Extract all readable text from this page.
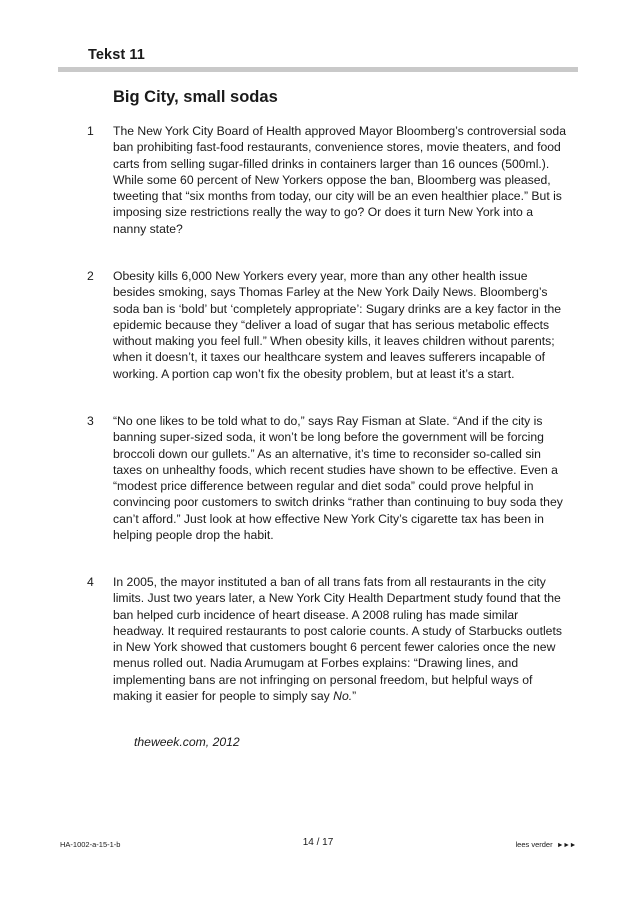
Tekst 11
Big City, small sodas
1 The New York City Board of Health approved Mayor Bloomberg’s controversial soda ban prohibiting fast-food restaurants, convenience stores, movie theaters, and food carts from selling sugar-filled drinks in containers larger than 16 ounces (500ml.). While some 60 percent of New Yorkers oppose the ban, Bloomberg was pleased, tweeting that “six months from today, our city will be an even healthier place.” But is imposing size restrictions really the way to go? Or does it turn New York into a nanny state?
2 Obesity kills 6,000 New Yorkers every year, more than any other health issue besides smoking, says Thomas Farley at the New York Daily News. Bloomberg’s soda ban is ‘bold’ but ‘completely appropriate’: Sugary drinks are a key factor in the epidemic because they “deliver a load of sugar that has serious metabolic effects without making you feel full.” When obesity kills, it leaves children without parents; when it doesn’t, it taxes our healthcare system and leaves sufferers incapable of working. A portion cap won’t fix the obesity problem, but at least it’s a start.
3 “No one likes to be told what to do,” says Ray Fisman at Slate. “And if the city is banning super-sized soda, it won’t be long before the government will be forcing broccoli down our gullets.” As an alternative, it’s time to reconsider so-called sin taxes on unhealthy foods, which recent studies have shown to be effective. Even a “modest price difference between regular and diet soda” could prove helpful in convincing poor customers to switch drinks “rather than continuing to buy soda they can’t afford.” Just look at how effective New York City’s cigarette tax has been in helping people drop the habit.
4 In 2005, the mayor instituted a ban of all trans fats from all restaurants in the city limits. Just two years later, a New York City Health Department study found that the ban helped curb incidence of heart disease. A 2008 ruling has made similar headway. It required restaurants to post calorie counts. A study of Starbucks outlets in New York showed that customers bought 6 percent fewer calories once the new menus rolled out. Nadia Arumugam at Forbes explains: “Drawing lines, and implementing bans are not infringing on personal freedom, but helpful ways of making it easier for people to simply say No.”
theweek.com, 2012
HA-1002-a-15-1-b	14 / 17	lees verder ►►►
